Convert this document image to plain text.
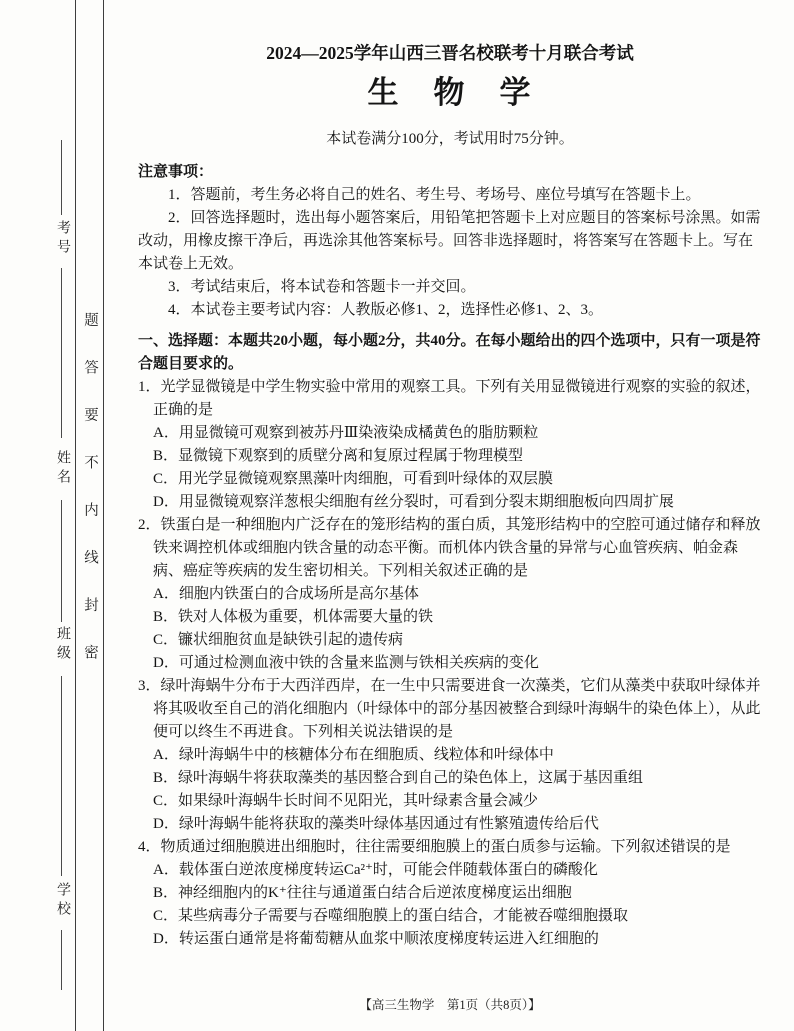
考号
姓名
班级
学校
题答要不内线封密
2024—2025学年山西三晋名校联考十月联合考试
生　物　学
本试卷满分100分，考试用时75分钟。
注意事项：
1．答题前，考生务必将自己的姓名、考生号、考场号、座位号填写在答题卡上。
2．回答选择题时，选出每小题答案后，用铅笔把答题卡上对应题目的答案标号涂黑。如需改动，用橡皮擦干净后，再选涂其他答案标号。回答非选择题时，将答案写在答题卡上。写在本试卷上无效。
3．考试结束后，将本试卷和答题卡一并交回。
4．本试卷主要考试内容：人教版必修1、2，选择性必修1、2、3。
一、选择题：本题共20小题，每小题2分，共40分。在每小题给出的四个选项中，只有一项是符合题目要求的。
1．光学显微镜是中学生物实验中常用的观察工具。下列有关用显微镜进行观察的实验的叙述，正确的是
A．用显微镜可观察到被苏丹Ⅲ染液染成橘黄色的脂肪颗粒
B．显微镜下观察到的质壁分离和复原过程属于物理模型
C．用光学显微镜观察黑藻叶肉细胞，可看到叶绿体的双层膜
D．用显微镜观察洋葱根尖细胞有丝分裂时，可看到分裂末期细胞板向四周扩展
2．铁蛋白是一种细胞内广泛存在的笼形结构的蛋白质，其笼形结构中的空腔可通过储存和释放铁来调控机体或细胞内铁含量的动态平衡。而机体内铁含量的异常与心血管疾病、帕金森病、癌症等疾病的发生密切相关。下列相关叙述正确的是
A．细胞内铁蛋白的合成场所是高尔基体
B．铁对人体极为重要，机体需要大量的铁
C．镰状细胞贫血是缺铁引起的遗传病
D．可通过检测血液中铁的含量来监测与铁相关疾病的变化
3．绿叶海蜗牛分布于大西洋西岸，在一生中只需要进食一次藻类，它们从藻类中获取叶绿体并将其吸收至自己的消化细胞内（叶绿体中的部分基因被整合到绿叶海蜗牛的染色体上），从此便可以终生不再进食。下列相关说法错误的是
A．绿叶海蜗牛中的核糖体分布在细胞质、线粒体和叶绿体中
B．绿叶海蜗牛将获取藻类的基因整合到自己的染色体上，这属于基因重组
C．如果绿叶海蜗牛长时间不见阳光，其叶绿素含量会减少
D．绿叶海蜗牛能将获取的藻类叶绿体基因通过有性繁殖遗传给后代
4．物质通过细胞膜进出细胞时，往往需要细胞膜上的蛋白质参与运输。下列叙述错误的是
A．载体蛋白逆浓度梯度转运Ca²⁺时，可能会伴随载体蛋白的磷酸化
B．神经细胞内的K⁺往往与通道蛋白结合后逆浓度梯度运出细胞
C．某些病毒分子需要与吞噬细胞膜上的蛋白结合，才能被吞噬细胞摄取
D．转运蛋白通常是将葡萄糖从血浆中顺浓度梯度转运进入红细胞的
【高三生物学　第1页（共8页）】
